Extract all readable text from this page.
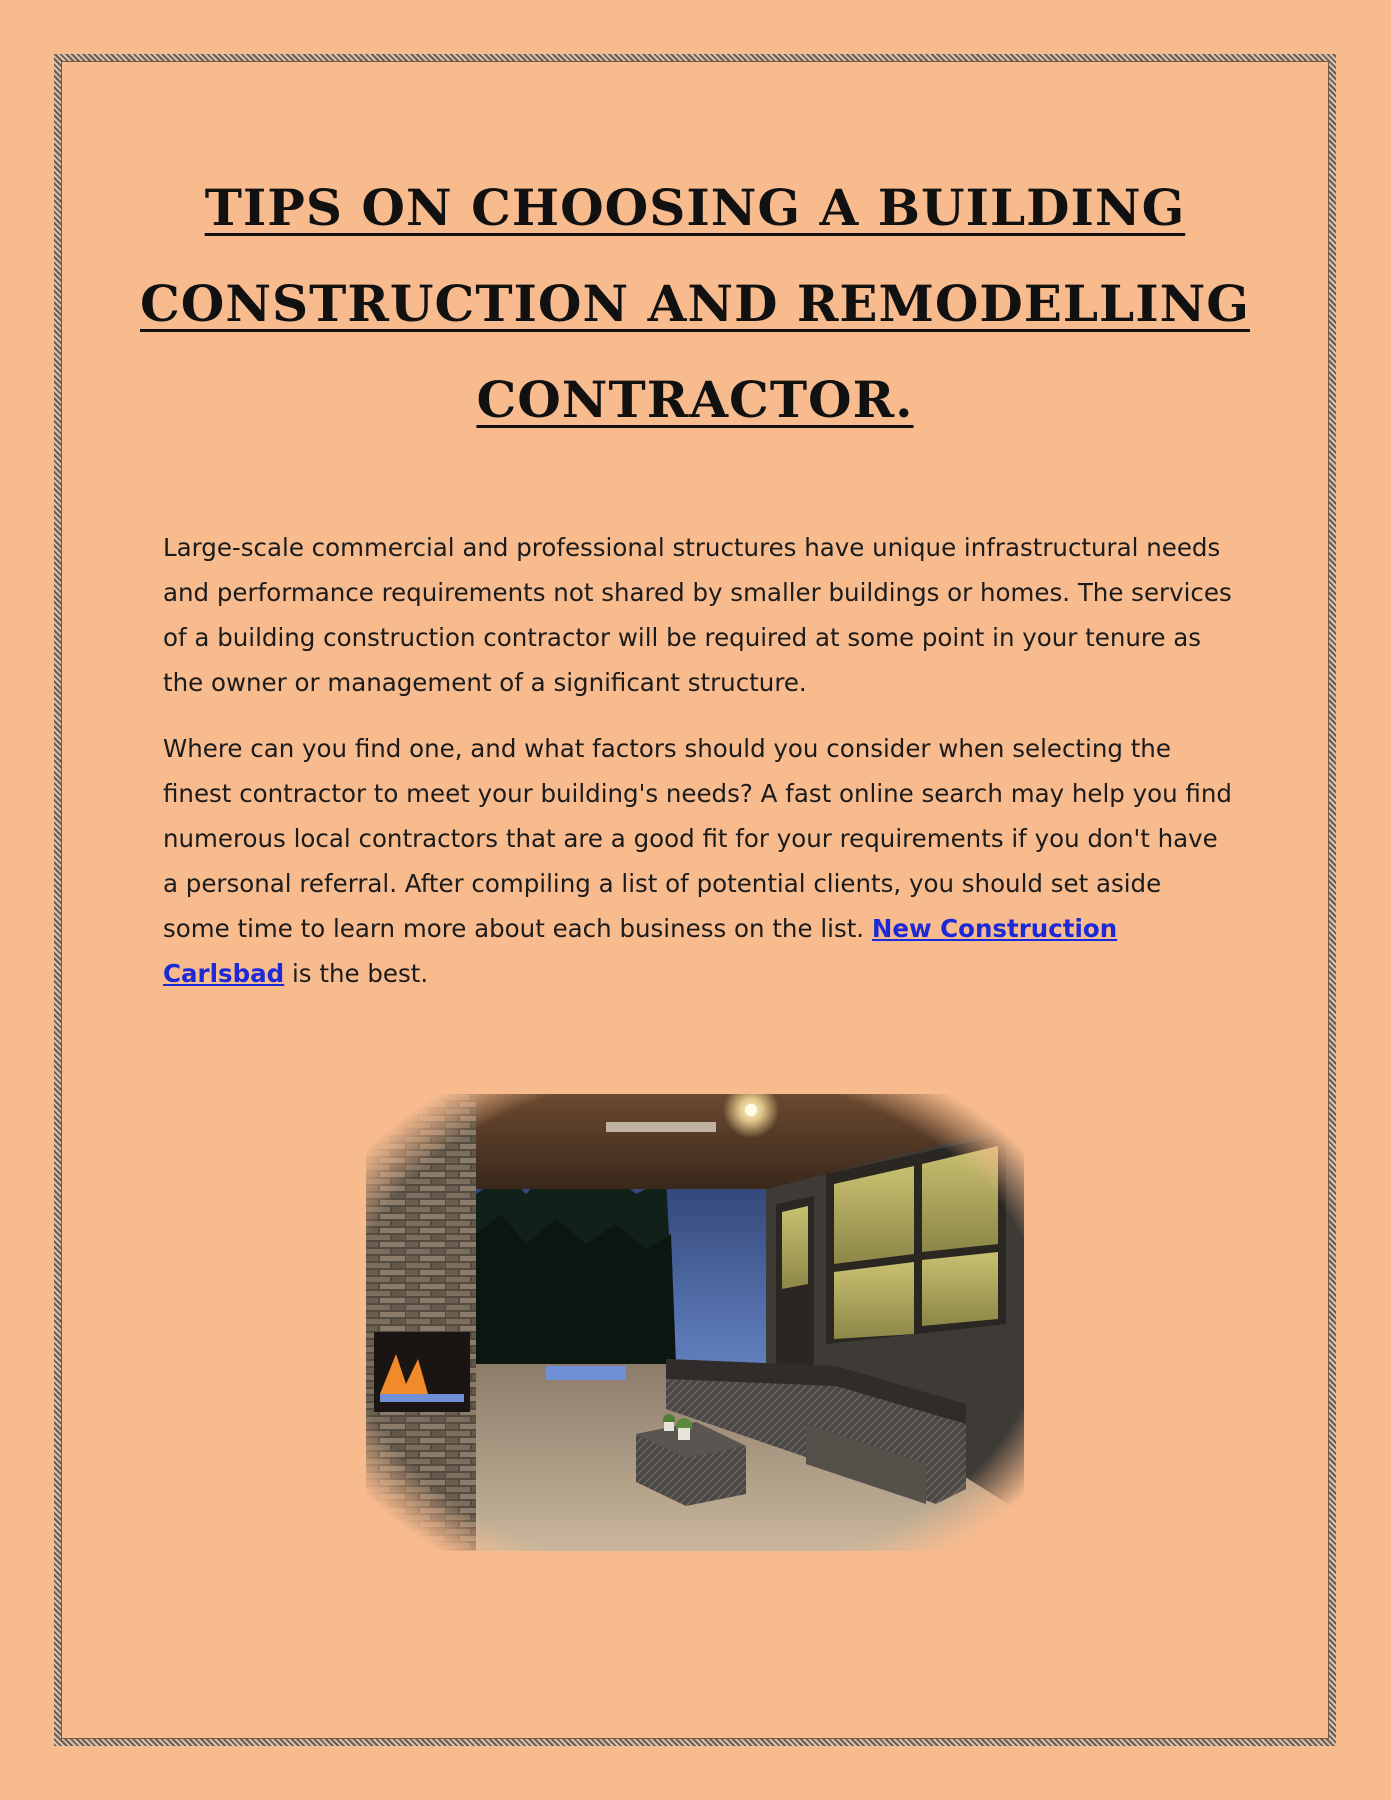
TIPS ON CHOOSING A BUILDING CONSTRUCTION AND REMODELLING CONTRACTOR.

Large-scale commercial and professional structures have unique infrastructural needs and performance requirements not shared by smaller buildings or homes. The services of a building construction contractor will be required at some point in your tenure as the owner or management of a significant structure.

Where can you find one, and what factors should you consider when selecting the finest contractor to meet your building's needs? A fast online search may help you find numerous local contractors that are a good fit for your requirements if you don't have a personal referral. After compiling a list of potential clients, you should set aside some time to learn more about each business on the list. New Construction Carlsbad is the best.
